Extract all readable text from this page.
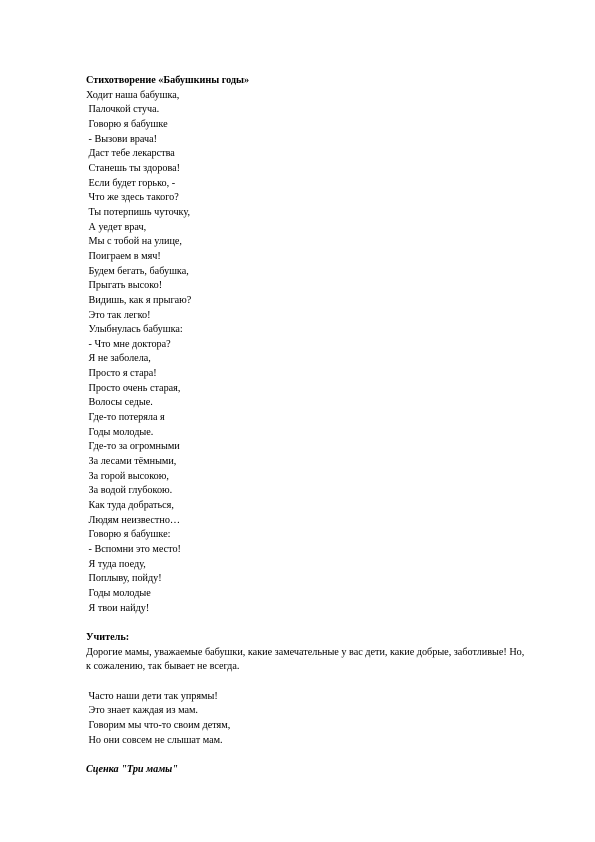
Стихотворение «Бабушкины годы»
Ходит наша бабушка,
Палочкой стуча.
Говорю я бабушке
- Вызови врача!
Даст тебе лекарства
Станешь ты здорова!
Если будет горько, -
Что же здесь такого?
Ты потерпишь чуточку,
А уедет врач,
Мы с тобой на улице,
Поиграем в мяч!
Будем бегать, бабушка,
Прыгать высоко!
Видишь, как я прыгаю?
Это так легко!
Улыбнулась бабушка:
- Что мне доктора?
Я не заболела,
Просто я стара!
Просто очень старая,
Волосы седые.
Где-то потеряла я
Годы молодые.
Где-то за огромными
За лесами тёмными,
За горой высокою,
За водой глубокою.
Как туда добраться,
Людям неизвестно…
Говорю я бабушке:
- Вспомни это место!
Я туда поеду,
Поплыву, пойду!
Годы молодые
Я твои найду!
Учитель:
Дорогие мамы, уважаемые бабушки, какие замечательные у вас дети, какие добрые, заботливые! Но, к сожалению, так бывает не всегда.
Часто наши дети так упрямы!
Это знает каждая из мам.
Говорим мы что-то своим детям,
Но они совсем не слышат мам.
Сценка "Три мамы"
